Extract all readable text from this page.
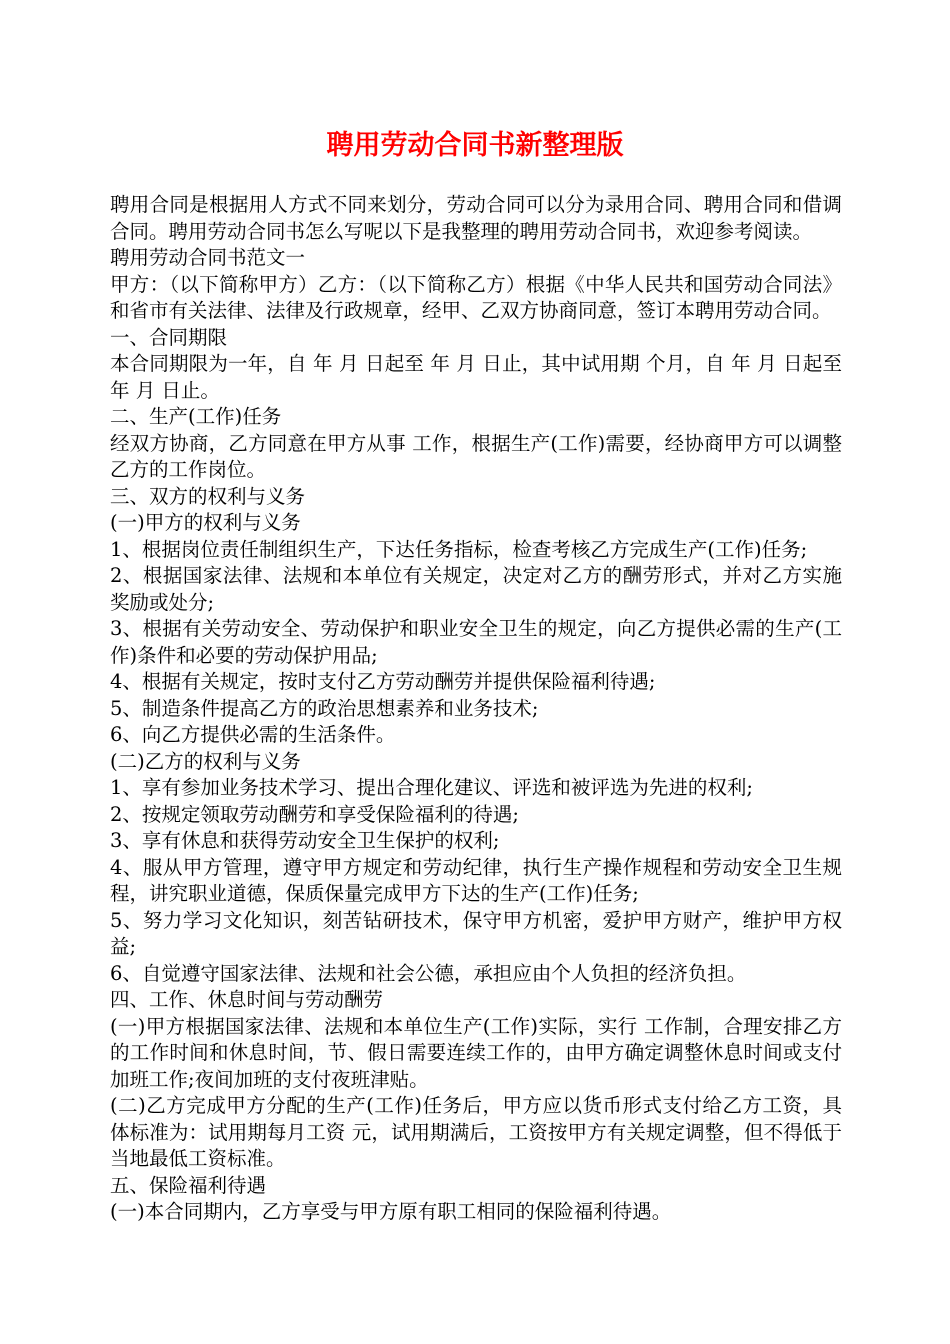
聘用劳动合同书新整理版

聘用合同是根据用人方式不同来划分，劳动合同可以分为录用合同、聘用合同和借调合同。聘用劳动合同书怎么写呢以下是我整理的聘用劳动合同书，欢迎参考阅读。

聘用劳动合同书范文一

甲方：（以下简称甲方）乙方：（以下简称乙方）根据《中华人民共和国劳动合同法》和省市有关法律、法律及行政规章，经甲、乙双方协商同意，签订本聘用劳动合同。

一、合同期限

本合同期限为一年，自 年 月 日起至 年 月 日止，其中试用期 个月，自 年 月 日起至 年 月 日止。

二、生产(工作)任务

经双方协商，乙方同意在甲方从事 工作，根据生产(工作)需要，经协商甲方可以调整乙方的工作岗位。

三、双方的权利与义务

(一)甲方的权利与义务

1、根据岗位责任制组织生产，下达任务指标，检查考核乙方完成生产(工作)任务;

2、根据国家法律、法规和本单位有关规定，决定对乙方的酬劳形式，并对乙方实施奖励或处分;

3、根据有关劳动安全、劳动保护和职业安全卫生的规定，向乙方提供必需的生产(工作)条件和必要的劳动保护用品;

4、根据有关规定，按时支付乙方劳动酬劳并提供保险福利待遇;

5、制造条件提高乙方的政治思想素养和业务技术;

6、向乙方提供必需的生活条件。

(二)乙方的权利与义务

1、享有参加业务技术学习、提出合理化建议、评选和被评选为先进的权利;

2、按规定领取劳动酬劳和享受保险福利的待遇;

3、享有休息和获得劳动安全卫生保护的权利;

4、服从甲方管理，遵守甲方规定和劳动纪律，执行生产操作规程和劳动安全卫生规程，讲究职业道德，保质保量完成甲方下达的生产(工作)任务;

5、努力学习文化知识，刻苦钻研技术，保守甲方机密，爱护甲方财产，维护甲方权益;

6、自觉遵守国家法律、法规和社会公德，承担应由个人负担的经济负担。

四、工作、休息时间与劳动酬劳

(一)甲方根据国家法律、法规和本单位生产(工作)实际，实行 工作制，合理安排乙方的工作时间和休息时间，节、假日需要连续工作的，由甲方确定调整休息时间或支付加班工作;夜间加班的支付夜班津贴。

(二)乙方完成甲方分配的生产(工作)任务后，甲方应以货币形式支付给乙方工资，具体标准为：试用期每月工资 元，试用期满后，工资按甲方有关规定调整，但不得低于当地最低工资标准。

五、保险福利待遇

(一)本合同期内，乙方享受与甲方原有职工相同的保险福利待遇。
